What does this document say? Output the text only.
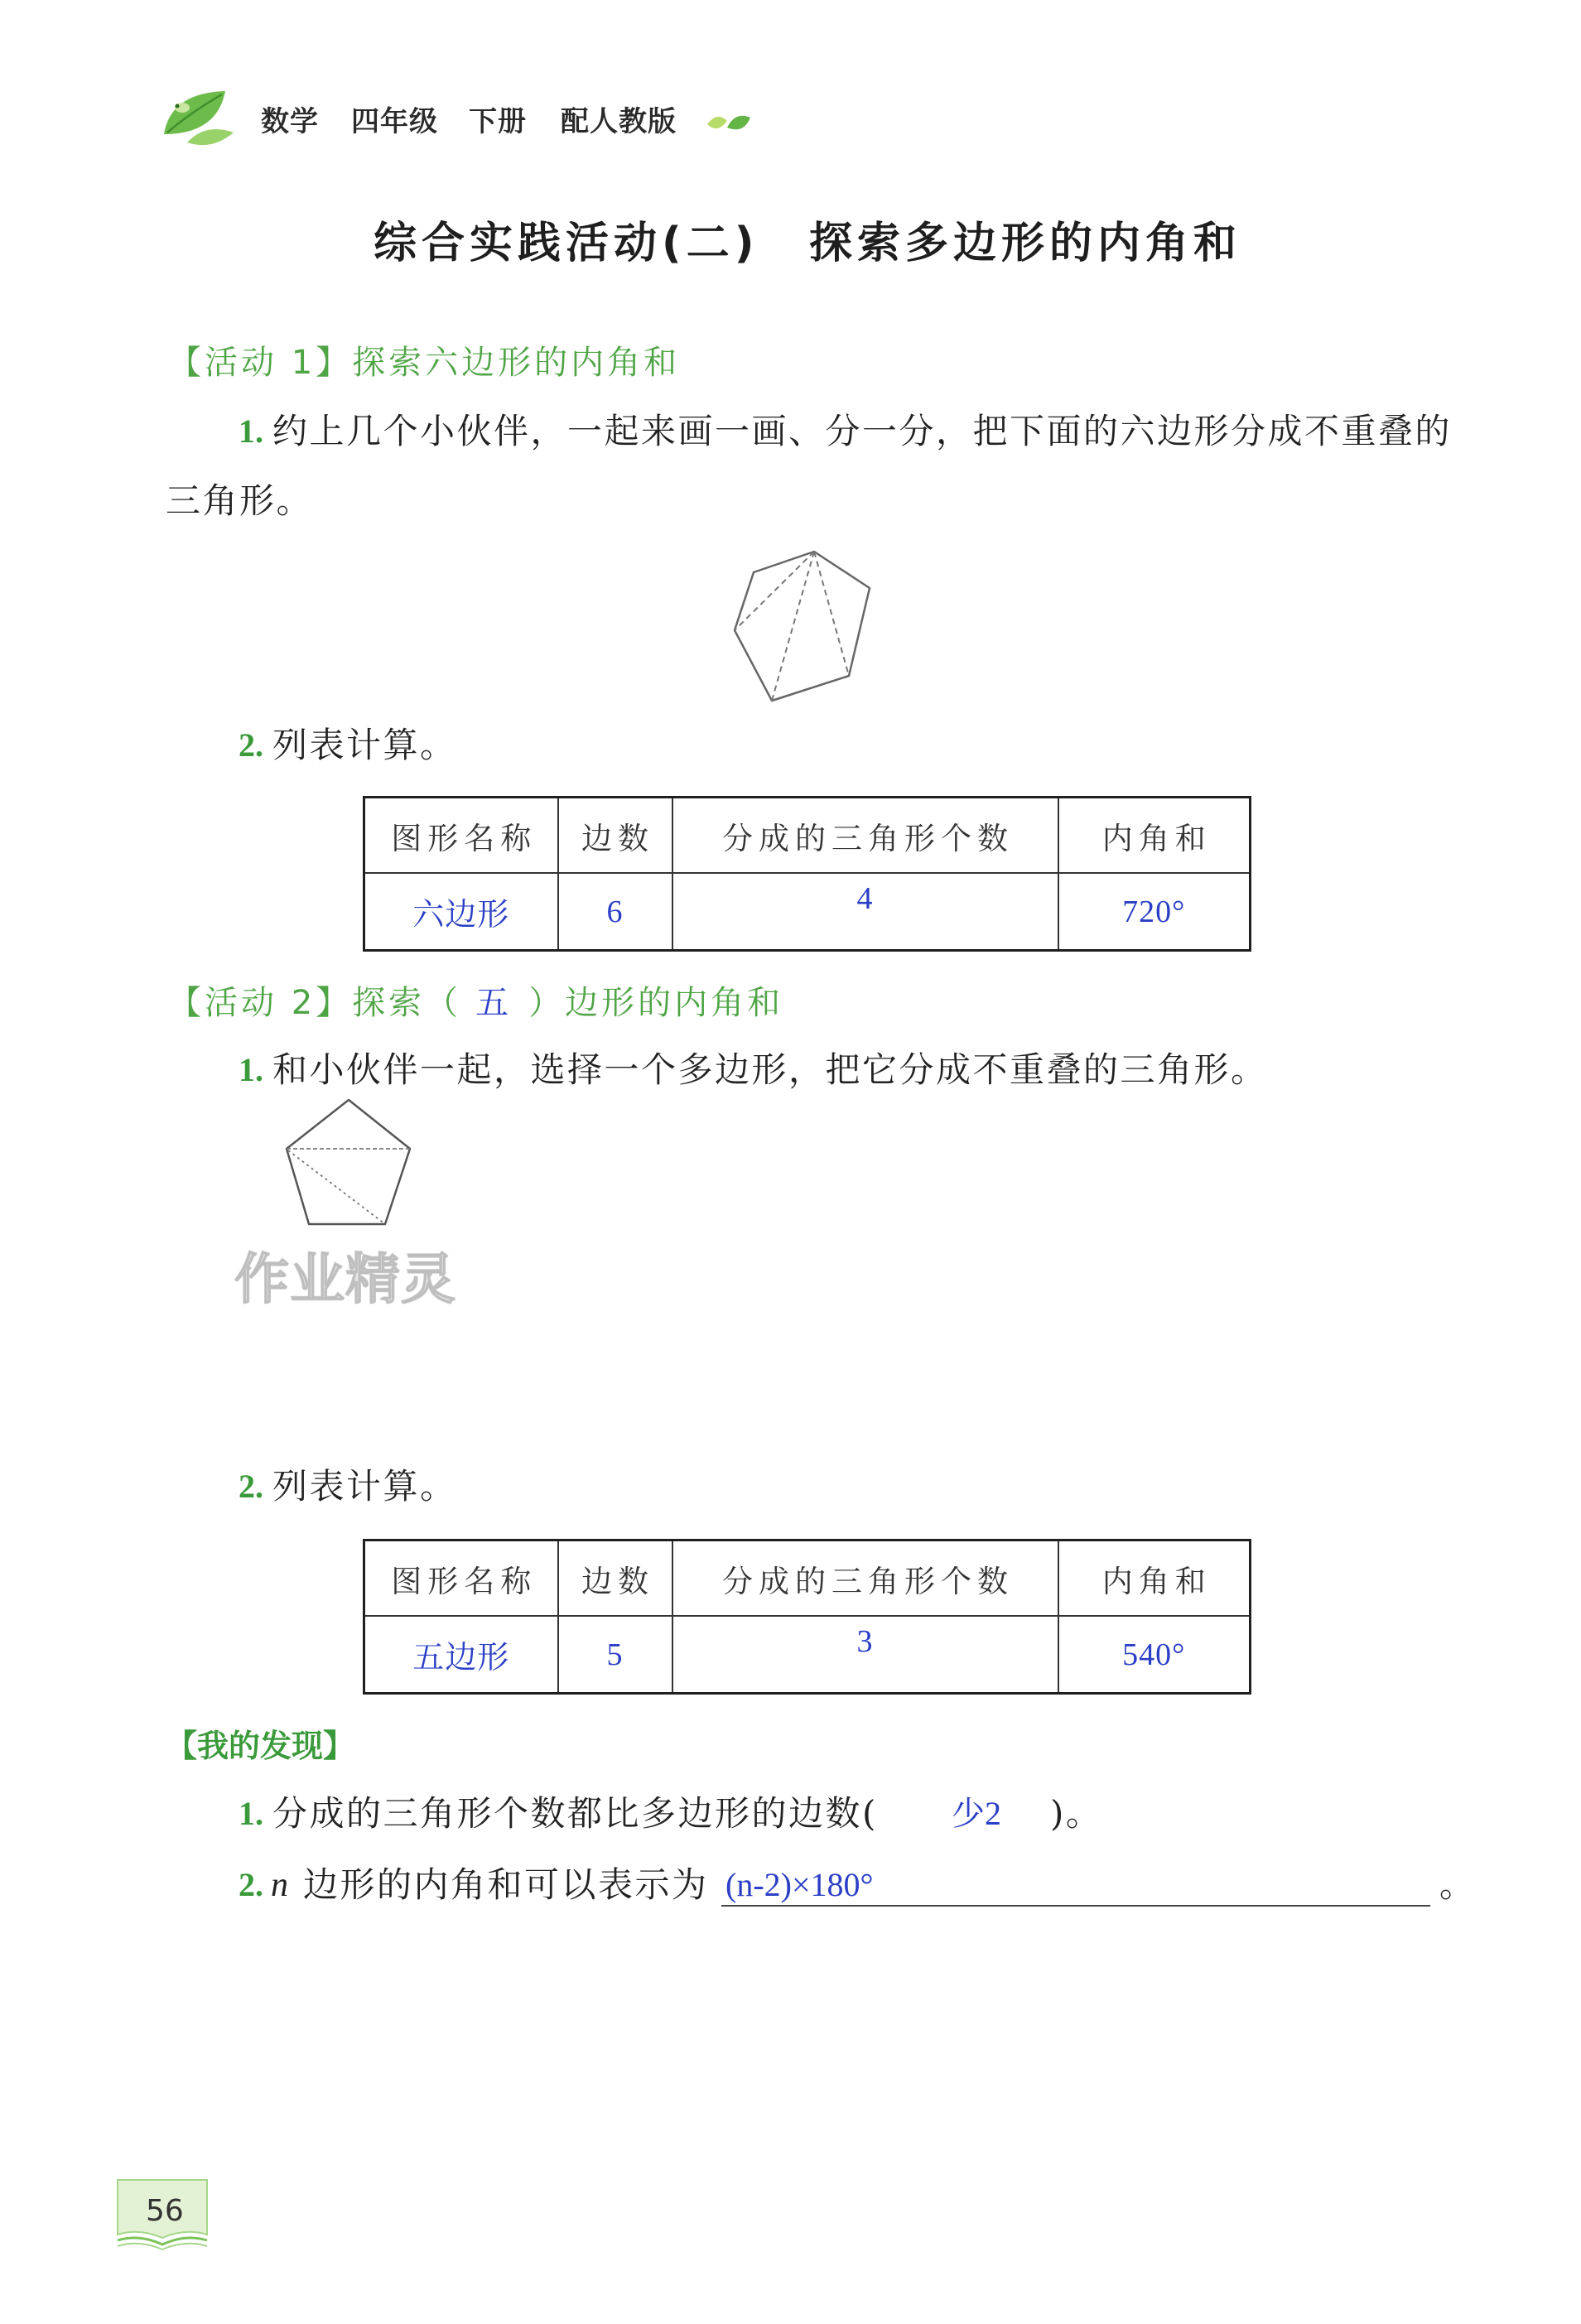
数学 四年级 下册 配人教版
综合实践活动(二) 探索多边形的内角和
【活动 1】探索六边形的内角和
1. 约上几个小伙伴，一起来画一画、分一分，把下面的六边形分成不重叠的
三角形。
2. 列表计算。
图形名称	边数	分成的三角形个数	内角和
六边形	6	4	720°
【活动 2】探索（ 五 ）边形的内角和
1. 和小伙伴一起，选择一个多边形，把它分成不重叠的三角形。
作业精灵
2. 列表计算。
图形名称	边数	分成的三角形个数	内角和
五边形	5	3	540°
【我的发现】
1. 分成的三角形个数都比多边形的边数( 少2 )。
2. n 边形的内角和可以表示为 (n-2)×180°	。
56
